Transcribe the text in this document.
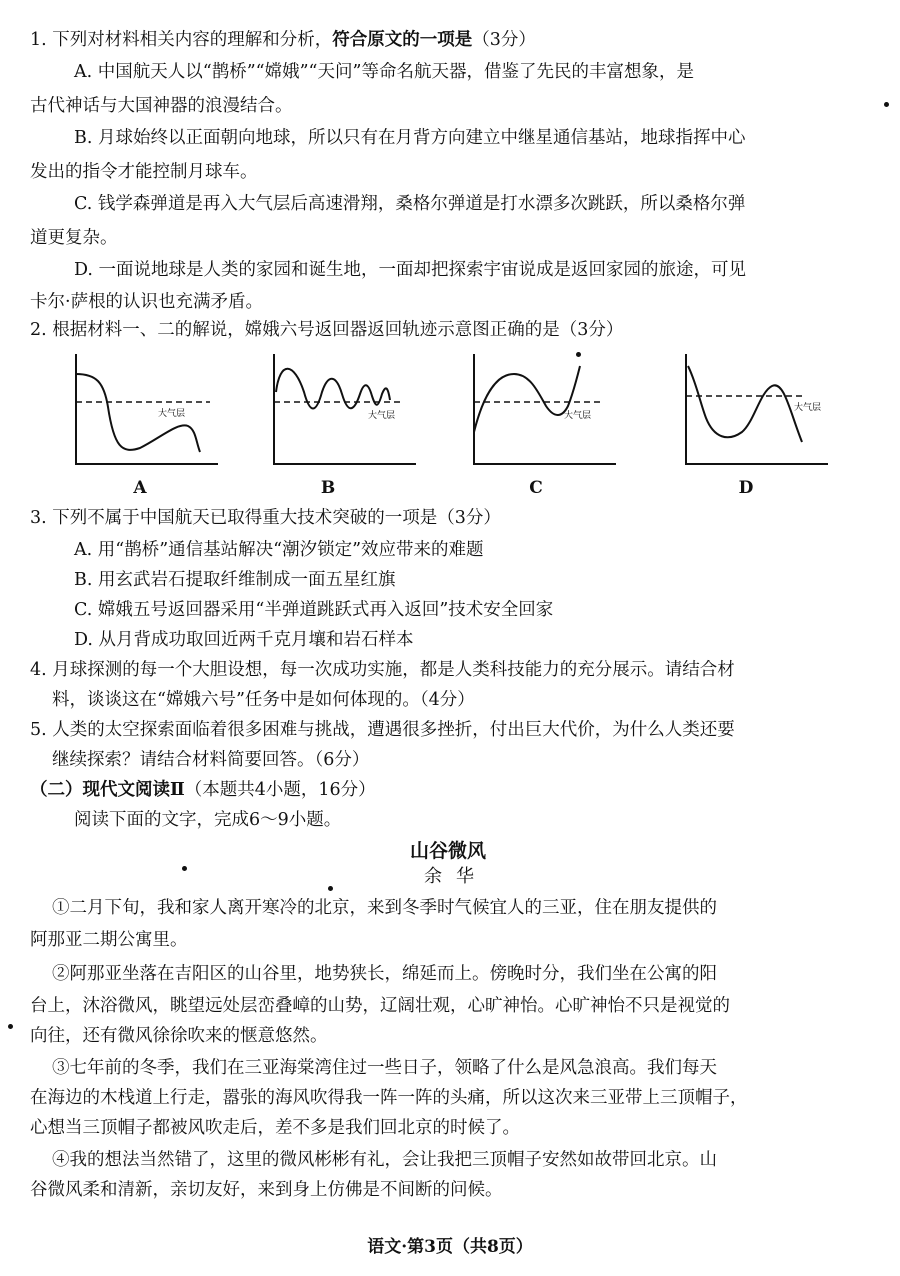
1. 下列对材料相关内容的理解和分析，符合原文的一项是（3分）
A. 中国航天人以“鹊桥”“嫦娥”“天问”等命名航天器，借鉴了先民的丰富想象，是
古代神话与大国神器的浪漫结合。
B. 月球始终以正面朝向地球，所以只有在月背方向建立中继星通信基站，地球指挥中心
发出的指令才能控制月球车。
C. 钱学森弹道是再入大气层后高速滑翔，桑格尔弹道是打水漂多次跳跃，所以桑格尔弹
道更复杂。
D. 一面说地球是人类的家园和诞生地，一面却把探索宇宙说成是返回家园的旅途，可见
卡尔·萨根的认识也充满矛盾。
2. 根据材料一、二的解说，嫦娥六号返回器返回轨迹示意图正确的是（3分）
大气层
A
大气层
B
大气层
C
大气层
D
3. 下列不属于中国航天已取得重大技术突破的一项是（3分）
A. 用“鹊桥”通信基站解决“潮汐锁定”效应带来的难题
B. 用玄武岩石提取纤维制成一面五星红旗
C. 嫦娥五号返回器采用“半弹道跳跃式再入返回”技术安全回家
D. 从月背成功取回近两千克月壤和岩石样本
4. 月球探测的每一个大胆设想，每一次成功实施，都是人类科技能力的充分展示。请结合材
料，谈谈这在“嫦娥六号”任务中是如何体现的。（4分）
5. 人类的太空探索面临着很多困难与挑战，遭遇很多挫折，付出巨大代价，为什么人类还要
继续探索？请结合材料简要回答。（6分）
（二）现代文阅读Ⅱ（本题共4小题，16分）
阅读下面的文字，完成6～9小题。
山谷微风
余华
①二月下旬，我和家人离开寒冷的北京，来到冬季时气候宜人的三亚，住在朋友提供的
阿那亚二期公寓里。
②阿那亚坐落在吉阳区的山谷里，地势狭长，绵延而上。傍晚时分，我们坐在公寓的阳
台上，沐浴微风，眺望远处层峦叠嶂的山势，辽阔壮观，心旷神怡。心旷神怡不只是视觉的
向往，还有微风徐徐吹来的惬意悠然。
③七年前的冬季，我们在三亚海棠湾住过一些日子，领略了什么是风急浪高。我们每天
在海边的木栈道上行走，嚣张的海风吹得我一阵一阵的头痛，所以这次来三亚带上三顶帽子，
心想当三顶帽子都被风吹走后，差不多是我们回北京的时候了。
④我的想法当然错了，这里的微风彬彬有礼，会让我把三顶帽子安然如故带回北京。山
谷微风柔和清新，亲切友好，来到身上仿佛是不间断的问候。
语文·第3页（共8页）
